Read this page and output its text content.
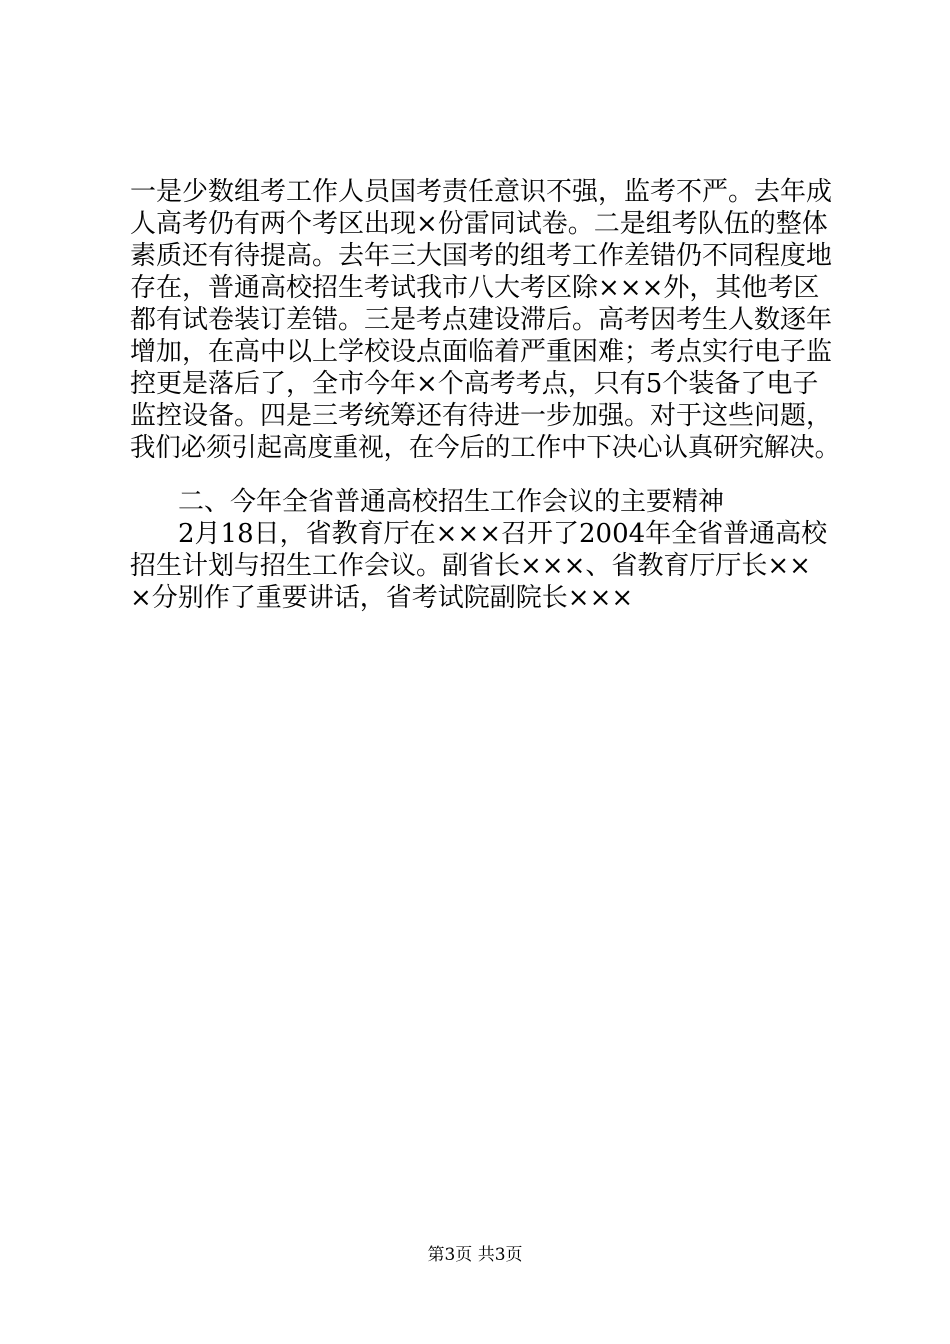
一是少数组考工作人员国考责任意识不强，监考不严。去年成
人高考仍有两个考区出现×份雷同试卷。二是组考队伍的整体
素质还有待提高。去年三大国考的组考工作差错仍不同程度地
存在，普通高校招生考试我市八大考区除×××外，其他考区
都有试卷装订差错。三是考点建设滞后。高考因考生人数逐年
增加，在高中以上学校设点面临着严重困难；考点实行电子监
控更是落后了，全市今年×个高考考点，只有5个装备了电子
监控设备。四是三考统筹还有待进一步加强。对于这些问题，
我们必须引起高度重视，在今后的工作中下决心认真研究解决。
二、今年全省普通高校招生工作会议的主要精神
2月18日，省教育厅在×××召开了2004年全省普通高校
招生计划与招生工作会议。副省长×××、省教育厅厅长××
×分别作了重要讲话，省考试院副院长×××
第3页 共3页
